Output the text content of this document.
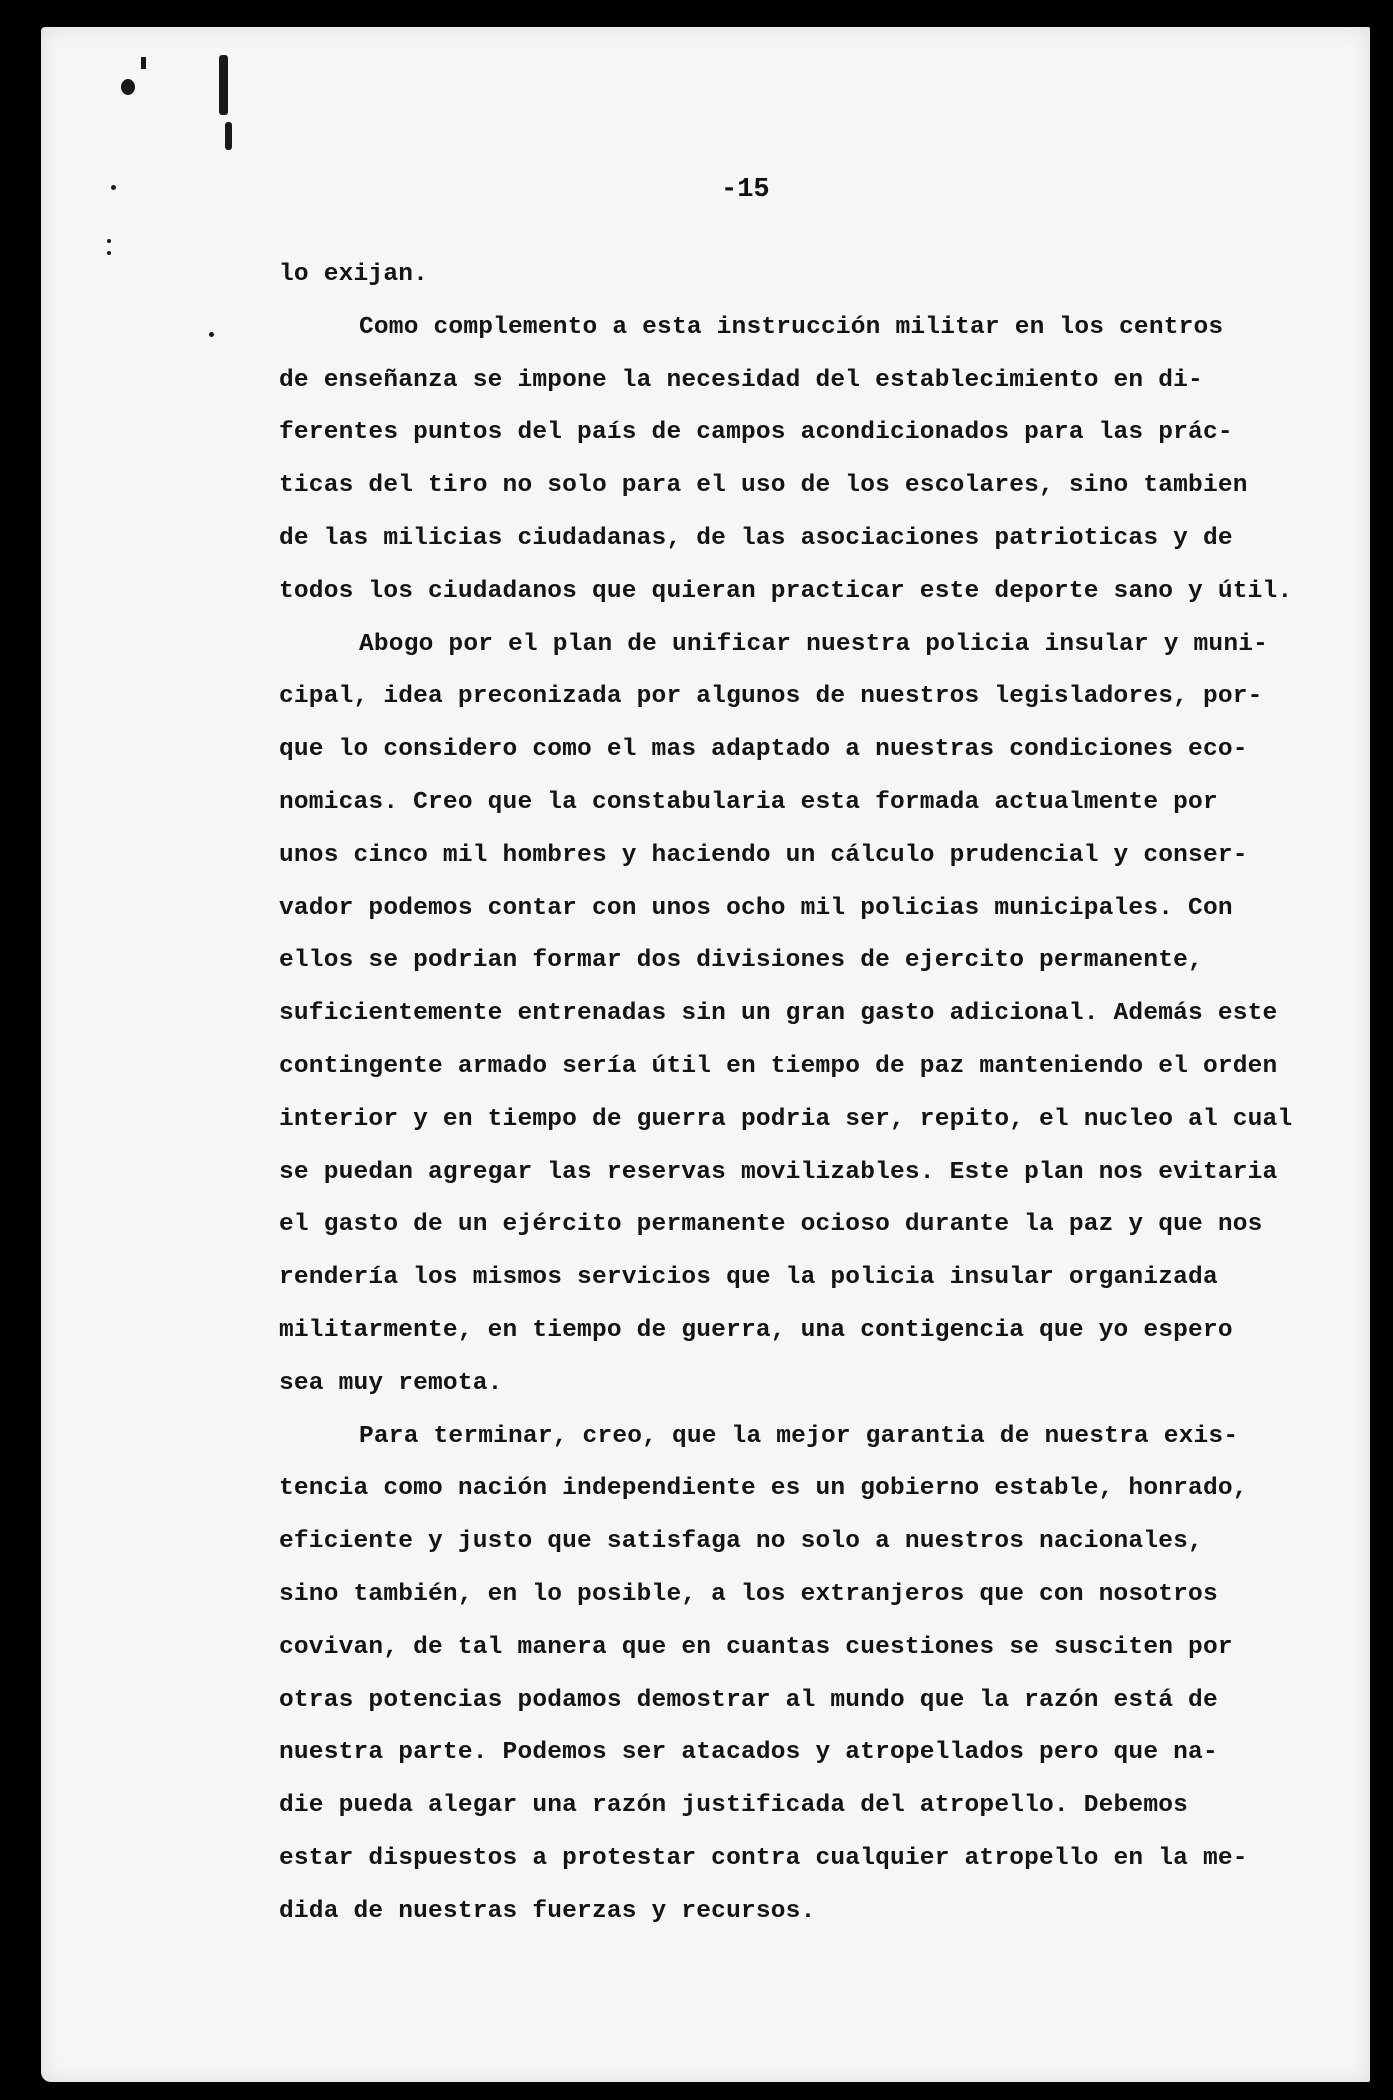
-15
lo exijan.
Como complemento a esta instrucción militar en los centros
de enseñanza se impone la necesidad del establecimiento en di-
ferentes puntos del país de campos acondicionados para las prác-
ticas del tiro no solo para el uso de los escolares, sino tambien
de las milicias ciudadanas, de las asociaciones patrioticas y de
todos los ciudadanos que quieran practicar este deporte sano y útil.
Abogo por el plan de unificar nuestra policia insular y muni-
cipal, idea preconizada por algunos de nuestros legisladores, por-
que lo considero como el mas adaptado a nuestras condiciones eco-
nomicas. Creo que la constabularia esta formada actualmente por
unos cinco mil hombres y haciendo un cálculo prudencial y conser-
vador podemos contar con unos ocho mil policias municipales. Con
ellos se podrian formar dos divisiones de ejercito permanente,
suficientemente entrenadas sin un gran gasto adicional. Además este
contingente armado sería útil en tiempo de paz manteniendo el orden
interior y en tiempo de guerra podria ser, repito, el nucleo al cual
se puedan agregar las reservas movilizables. Este plan nos evitaria
el gasto de un ejército permanente ocioso durante la paz y que nos
rendería los mismos servicios que la policia insular organizada
militarmente, en tiempo de guerra, una contigencia que yo espero
sea muy remota.
Para terminar, creo, que la mejor garantia de nuestra exis-
tencia como nación independiente es un gobierno estable, honrado,
eficiente y justo que satisfaga no solo a nuestros nacionales,
sino también, en lo posible, a los extranjeros que con nosotros
covivan, de tal manera que en cuantas cuestiones se susciten por
otras potencias podamos demostrar al mundo que la razón está de
nuestra parte. Podemos ser atacados y atropellados pero que na-
die pueda alegar una razón justificada del atropello. Debemos
estar dispuestos a protestar contra cualquier atropello en la me-
dida de nuestras fuerzas y recursos.
